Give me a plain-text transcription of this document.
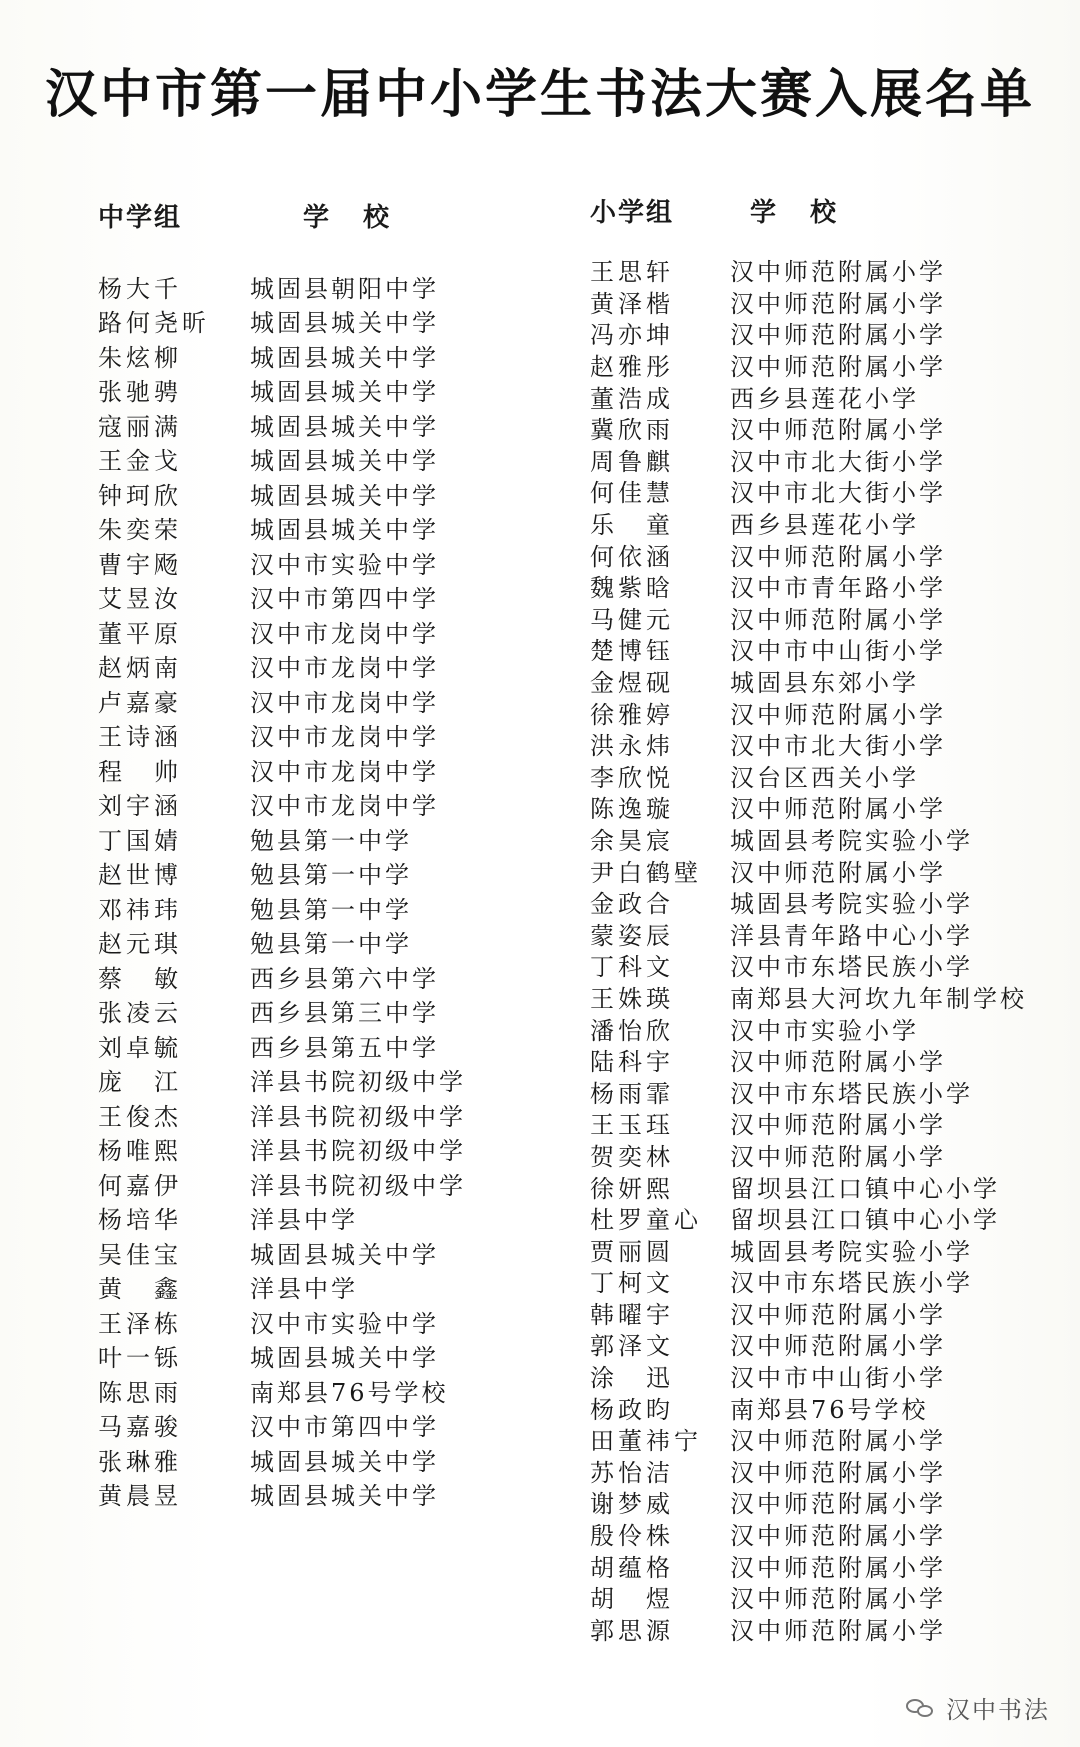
汉中市第一届中小学生书法大赛入展名单
中学组	学校
杨大千	城固县朝阳中学
路何尧昕	城固县城关中学
朱炫柳	城固县城关中学
张驰骋	城固县城关中学
寇丽满	城固县城关中学
王金戈	城固县城关中学
钟珂欣	城固县城关中学
朱奕荣	城固县城关中学
曹宇飏	汉中市实验中学
艾昱汝	汉中市第四中学
董平原	汉中市龙岗中学
赵炳南	汉中市龙岗中学
卢嘉豪	汉中市龙岗中学
王诗涵	汉中市龙岗中学
程　帅	汉中市龙岗中学
刘宇涵	汉中市龙岗中学
丁国婧	勉县第一中学
赵世博	勉县第一中学
邓祎玮	勉县第一中学
赵元琪	勉县第一中学
蔡　敏	西乡县第六中学
张凌云	西乡县第三中学
刘卓毓	西乡县第五中学
庞　江	洋县书院初级中学
王俊杰	洋县书院初级中学
杨唯熙	洋县书院初级中学
何嘉伊	洋县书院初级中学
杨培华	洋县中学
吴佳宝	城固县城关中学
黄　鑫	洋县中学
王泽栋	汉中市实验中学
叶一铄	城固县城关中学
陈思雨	南郑县76号学校
马嘉骏	汉中市第四中学
张琳雅	城固县城关中学
黄晨昱	城固县城关中学
小学组	学校
王思轩	汉中师范附属小学
黄泽楷	汉中师范附属小学
冯亦坤	汉中师范附属小学
赵雅彤	汉中师范附属小学
董浩成	西乡县莲花小学
冀欣雨	汉中师范附属小学
周鲁麒	汉中市北大街小学
何佳慧	汉中市北大街小学
乐　童	西乡县莲花小学
何依涵	汉中师范附属小学
魏紫晗	汉中市青年路小学
马健元	汉中师范附属小学
楚博钰	汉中市中山街小学
金煜砚	城固县东郊小学
徐雅婷	汉中师范附属小学
洪永炜	汉中市北大街小学
李欣悦	汉台区西关小学
陈逸璇	汉中师范附属小学
余昊宸	城固县考院实验小学
尹白鹤壁	汉中师范附属小学
金政合	城固县考院实验小学
蒙姿辰	洋县青年路中心小学
丁科文	汉中市东塔民族小学
王姝瑛	南郑县大河坎九年制学校
潘怡欣	汉中市实验小学
陆科宇	汉中师范附属小学
杨雨霏	汉中市东塔民族小学
王玉珏	汉中师范附属小学
贺奕林	汉中师范附属小学
徐妍熙	留坝县江口镇中心小学
杜罗童心	留坝县江口镇中心小学
贾丽圆	城固县考院实验小学
丁柯文	汉中市东塔民族小学
韩曜宇	汉中师范附属小学
郭泽文	汉中师范附属小学
涂　迅	汉中市中山街小学
杨政昀	南郑县76号学校
田董祎宁	汉中师范附属小学
苏怡洁	汉中师范附属小学
谢梦威	汉中师范附属小学
殷伶株	汉中师范附属小学
胡蕴格	汉中师范附属小学
胡　煜	汉中师范附属小学
郭思源	汉中师范附属小学
汉中书法
